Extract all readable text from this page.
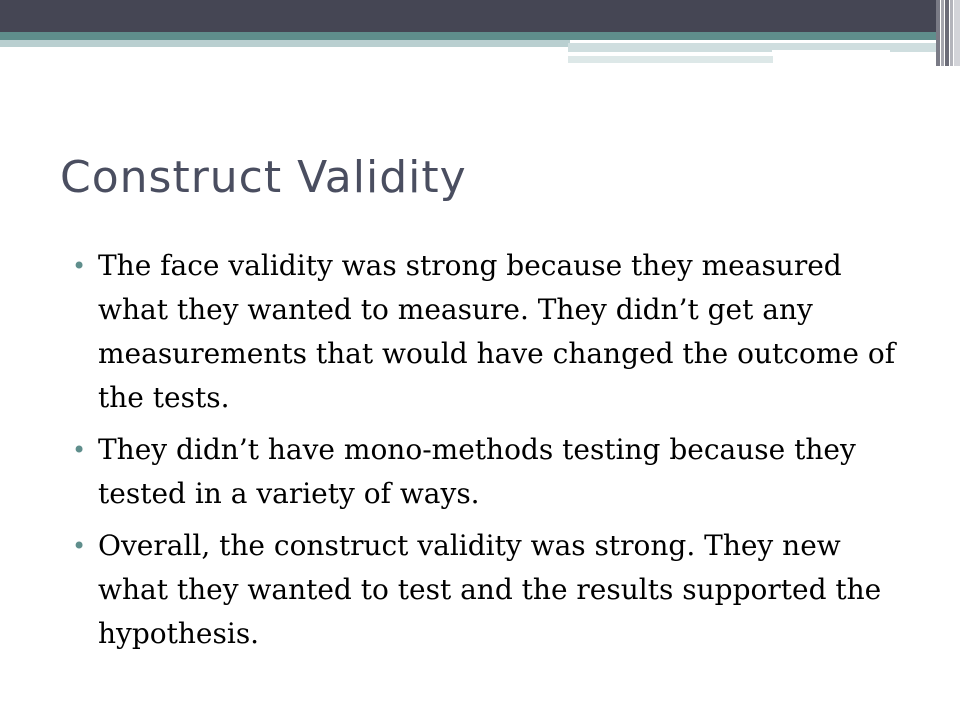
Construct Validity
• The face validity was strong because they measured what they wanted to measure. They didn’t get any measurements that would have changed the outcome of the tests.
• They didn’t have mono-methods testing because they tested in a variety of ways.
• Overall, the construct validity was strong. They new what they wanted to test and the results supported the hypothesis.
